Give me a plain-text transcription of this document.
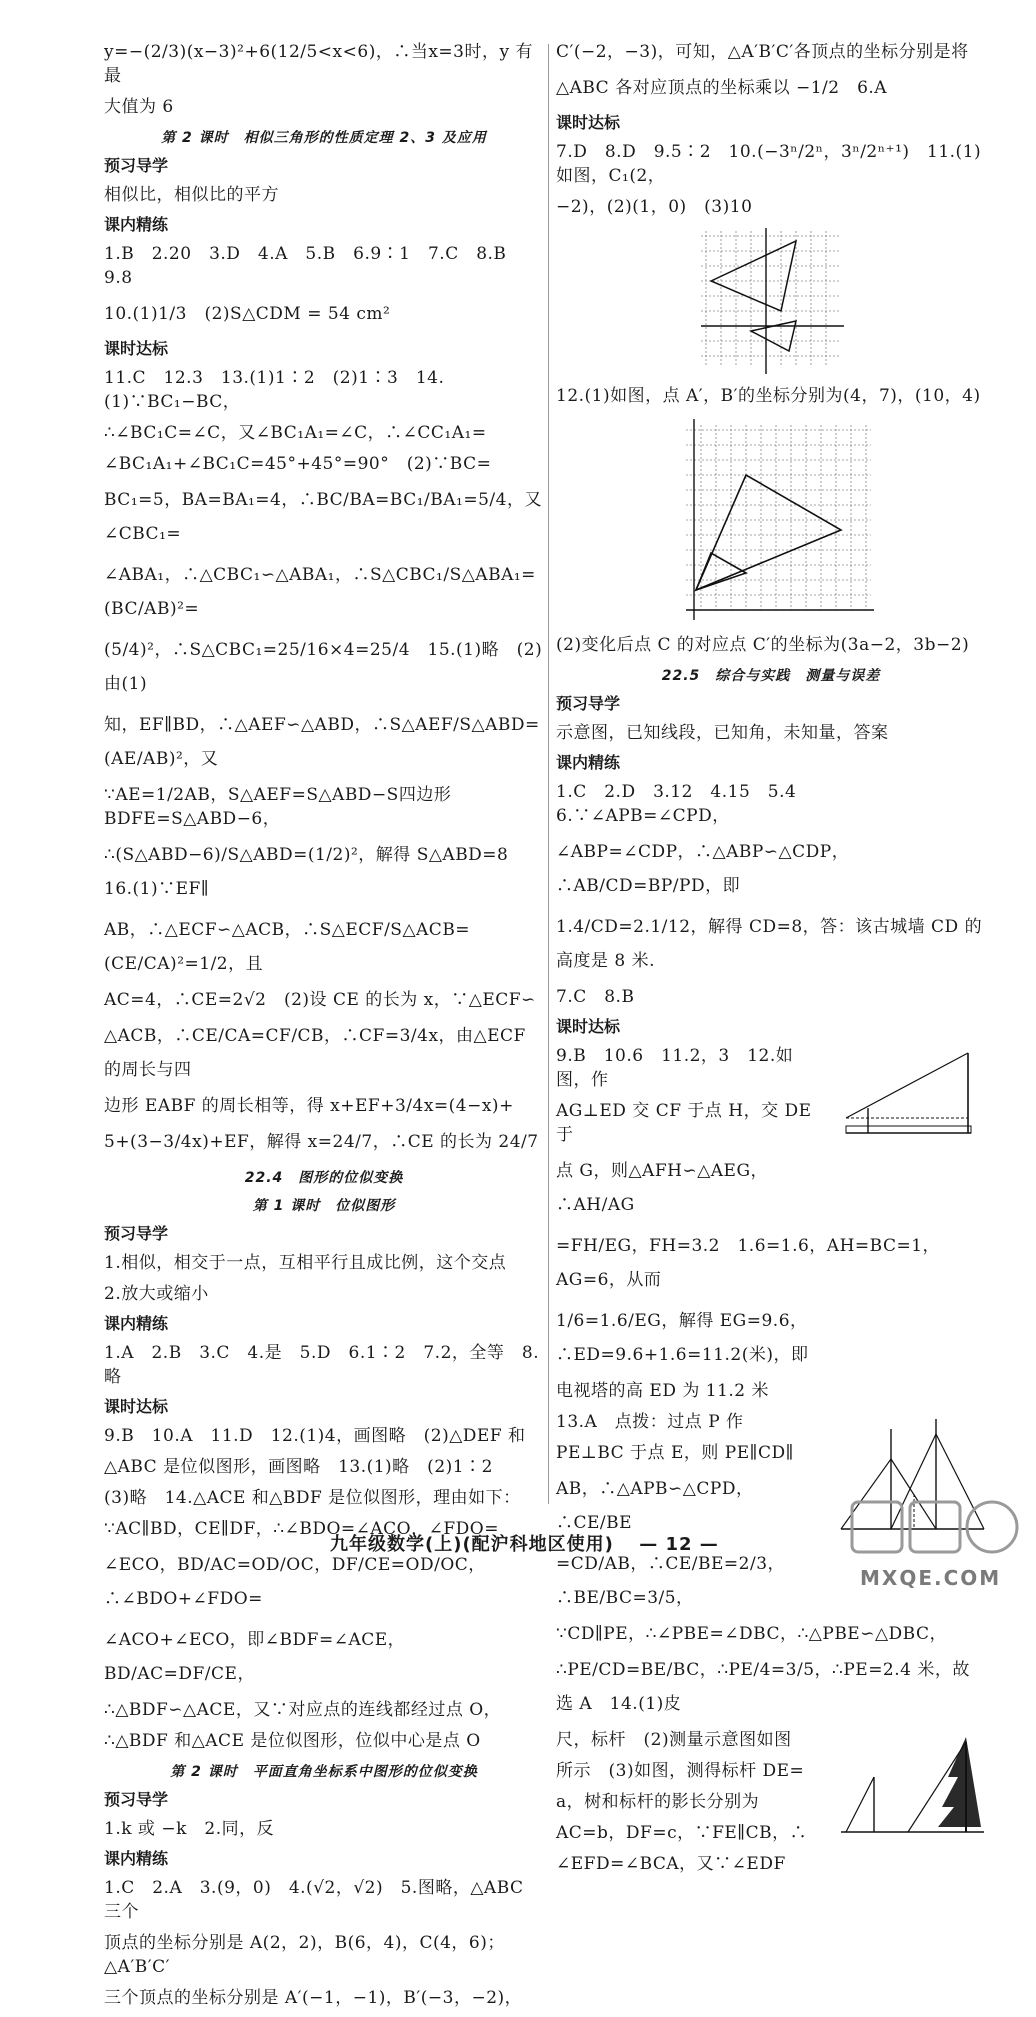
y=−(2/3)(x−3)²+6(12/5<x<6)，∴当x=3时，y 有最

大值为 6

第 2 课时　相似三角形的性质定理 2、3 及应用
预习导学

相似比，相似比的平方

课内精练

1.B　2.20　3.D　4.A　5.B　6.9∶1　7.C　8.B　9.8

10.(1)1/3　(2)S△CDM = 54 cm²

课时达标

11.C　12.3　13.(1)1∶2　(2)1∶3　14.(1)∵BC₁−BC，

∴∠BC₁C=∠C，又∠BC₁A₁=∠C，∴∠CC₁A₁=

∠BC₁A₁+∠BC₁C=45°+45°=90°　(2)∵BC=

BC₁=5，BA=BA₁=4，∴BC/BA=BC₁/BA₁=5/4，又∠CBC₁=

∠ABA₁，∴△CBC₁∽△ABA₁，∴S△CBC₁/S△ABA₁=(BC/AB)²=

(5/4)²，∴S△CBC₁=25/16×4=25/4　15.(1)略　(2)由(1)

知，EF∥BD，∴△AEF∽△ABD，∴S△AEF/S△ABD=(AE/AB)²，又

∵AE=1/2AB，S△AEF=S△ABD−S四边形BDFE=S△ABD−6，

∴(S△ABD−6)/S△ABD=(1/2)²，解得 S△ABD=8　16.(1)∵EF∥

AB，∴△ECF∽△ACB，∴S△ECF/S△ACB=(CE/CA)²=1/2，且

AC=4，∴CE=2√2　(2)设 CE 的长为 x，∵△ECF∽

△ACB，∴CE/CA=CF/CB，∴CF=3/4x，由△ECF 的周长与四

边形 EABF 的周长相等，得 x+EF+3/4x=(4−x)+

5+(3−3/4x)+EF，解得 x=24/7，∴CE 的长为 24/7

22.4　图形的位似变换
第 1 课时　位似图形
预习导学

1.相似，相交于一点，互相平行且成比例，这个交点

2.放大或缩小

课内精练

1.A　2.B　3.C　4.是　5.D　6.1∶2　7.2，全等　8.略

课时达标

9.B　10.A　11.D　12.(1)4，画图略　(2)△DEF 和

△ABC 是位似图形，画图略　13.(1)略　(2)1∶2

(3)略　14.△ACE 和△BDF 是位似图形，理由如下：

∵AC∥BD，CE∥DF，∴∠BDO=∠ACO，∠FDO=

∠ECO，BD/AC=OD/OC，DF/CE=OD/OC，∴∠BDO+∠FDO=

∠ACO+∠ECO，即∠BDF=∠ACE，BD/AC=DF/CE，

∴△BDF∽△ACE，又∵对应点的连线都经过点 O，

∴△BDF 和△ACE 是位似图形，位似中心是点 O

第 2 课时　平面直角坐标系中图形的位似变换
预习导学

1.k 或 −k　2.同，反

课内精练

1.C　2.A　3.(9，0)　4.(√2，√2)　5.图略，△ABC 三个

顶点的坐标分别是 A(2，2)，B(6，4)，C(4，6)；△A′B′C′

三个顶点的坐标分别是 A′(−1，−1)，B′(−3，−2)，

C′(−2，−3)，可知，△A′B′C′各顶点的坐标分别是将

△ABC 各对应顶点的坐标乘以 −1/2　6.A

课时达标

7.D　8.D　9.5∶2　10.(−3ⁿ/2ⁿ，3ⁿ/2ⁿ⁺¹)　11.(1)如图，C₁(2，

−2)，(2)(1，0)　(3)10

12.(1)如图，点 A′，B′的坐标分别为(4，7)，(10，4)

(2)变化后点 C 的对应点 C′的坐标为(3a−2，3b−2)

22.5　综合与实践　测量与误差
预习导学

示意图，已知线段，已知角，未知量，答案

课内精练

1.C　2.D　3.12　4.15　5.4　6.∵∠APB=∠CPD，

∠ABP=∠CDP，∴△ABP∽△CDP，∴AB/CD=BP/PD，即

1.4/CD=2.1/12，解得 CD=8，答：该古城墙 CD 的高度是 8 米.

7.C　8.B

课时达标

9.B　10.6　11.2，3　12.如图，作

AG⊥ED 交 CF 于点 H，交 DE 于

点 G，则△AFH∽△AEG，∴AH/AG

=FH/EG，FH=3.2　1.6=1.6，AH=BC=1，AG=6，从而

1/6=1.6/EG，解得 EG=9.6，∴ED=9.6+1.6=11.2(米)，即

电视塔的高 ED 为 11.2 米

13.A　点拨：过点 P 作

PE⊥BC 于点 E，则 PE∥CD∥

AB，∴△APB∽△CPD，∴CE/BE

=CD/AB，∴CE/BE=2/3，∴BE/BC=3/5，

∵CD∥PE，∴∠PBE=∠DBC，∴△PBE∽△DBC，

∴PE/CD=BE/BC，∴PE/4=3/5，∴PE=2.4 米，故选 A　14.(1)皮

尺，标杆　(2)测量示意图如图

所示　(3)如图，测得标杆 DE=

a，树和标杆的影长分别为

AC=b，DF=c，∵FE∥CB，∴

∠EFD=∠BCA，又∵∠EDF

九年级数学(上)(配沪科地区使用) — 12 —
MXQE.COM
